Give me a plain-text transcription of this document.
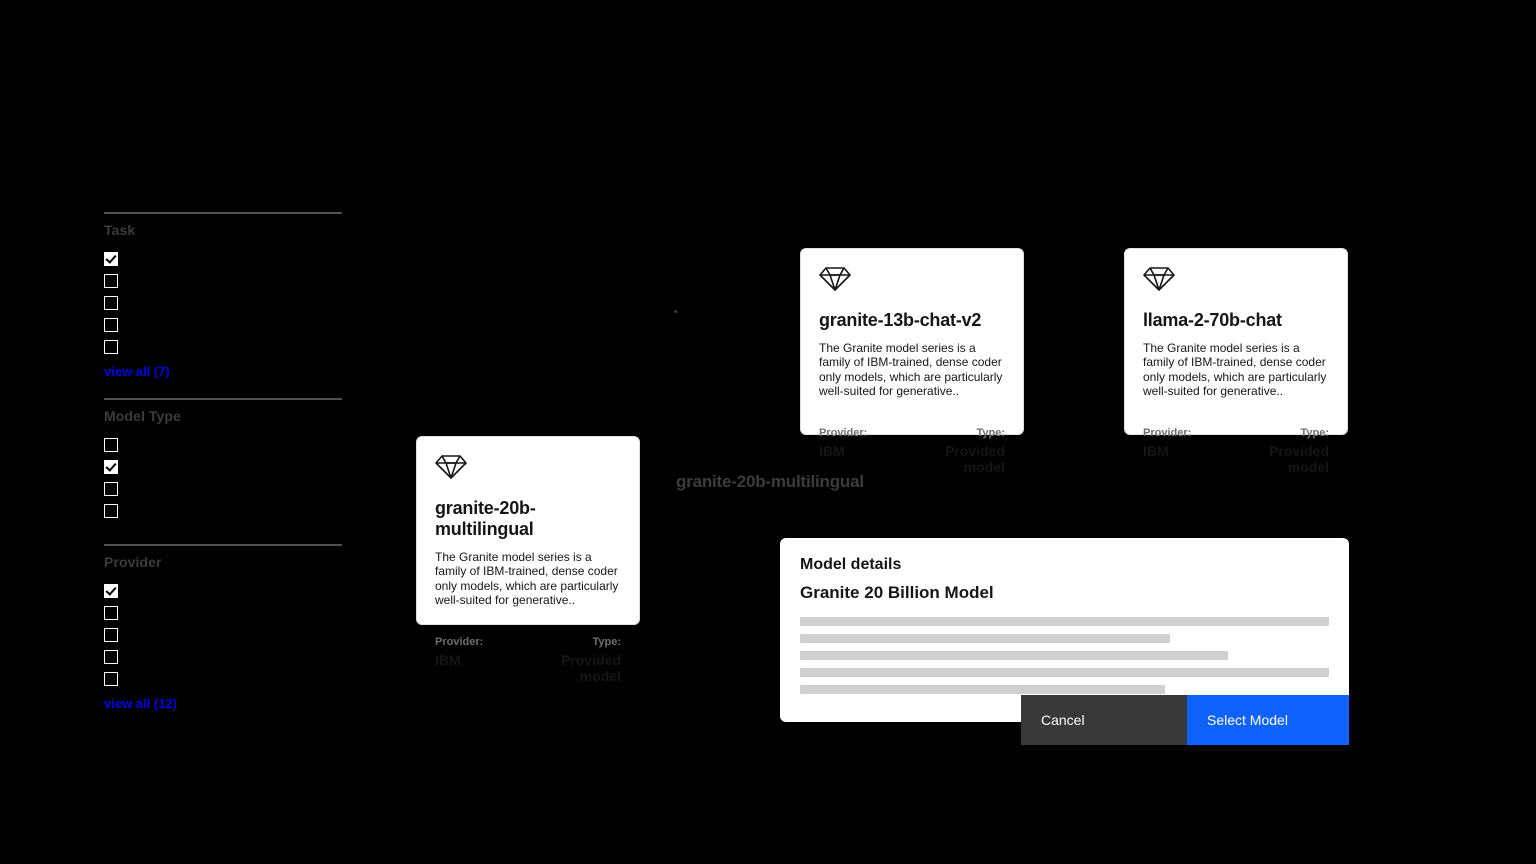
Task
view all (7)
Model Type
Provider
view all (12)
granite-13b-chat-v2
The Granite model series is a family of IBM-trained, dense coder only models, which are particularly well-suited for generative..
Provider:
IBM
Type:
Provided model
llama-2-70b-chat
The Granite model series is a family of IBM-trained, dense coder only models, which are particularly well-suited for generative..
Provider:
IBM
Type:
Provided model
granite-20b-multilingual
The Granite model series is a family of IBM-trained, dense coder only models, which are particularly well-suited for generative..
Provider:
IBM
Type:
Provided model
granite-20b-multilingual
Model details
Granite 20 Billion Model
Cancel	Select Model
